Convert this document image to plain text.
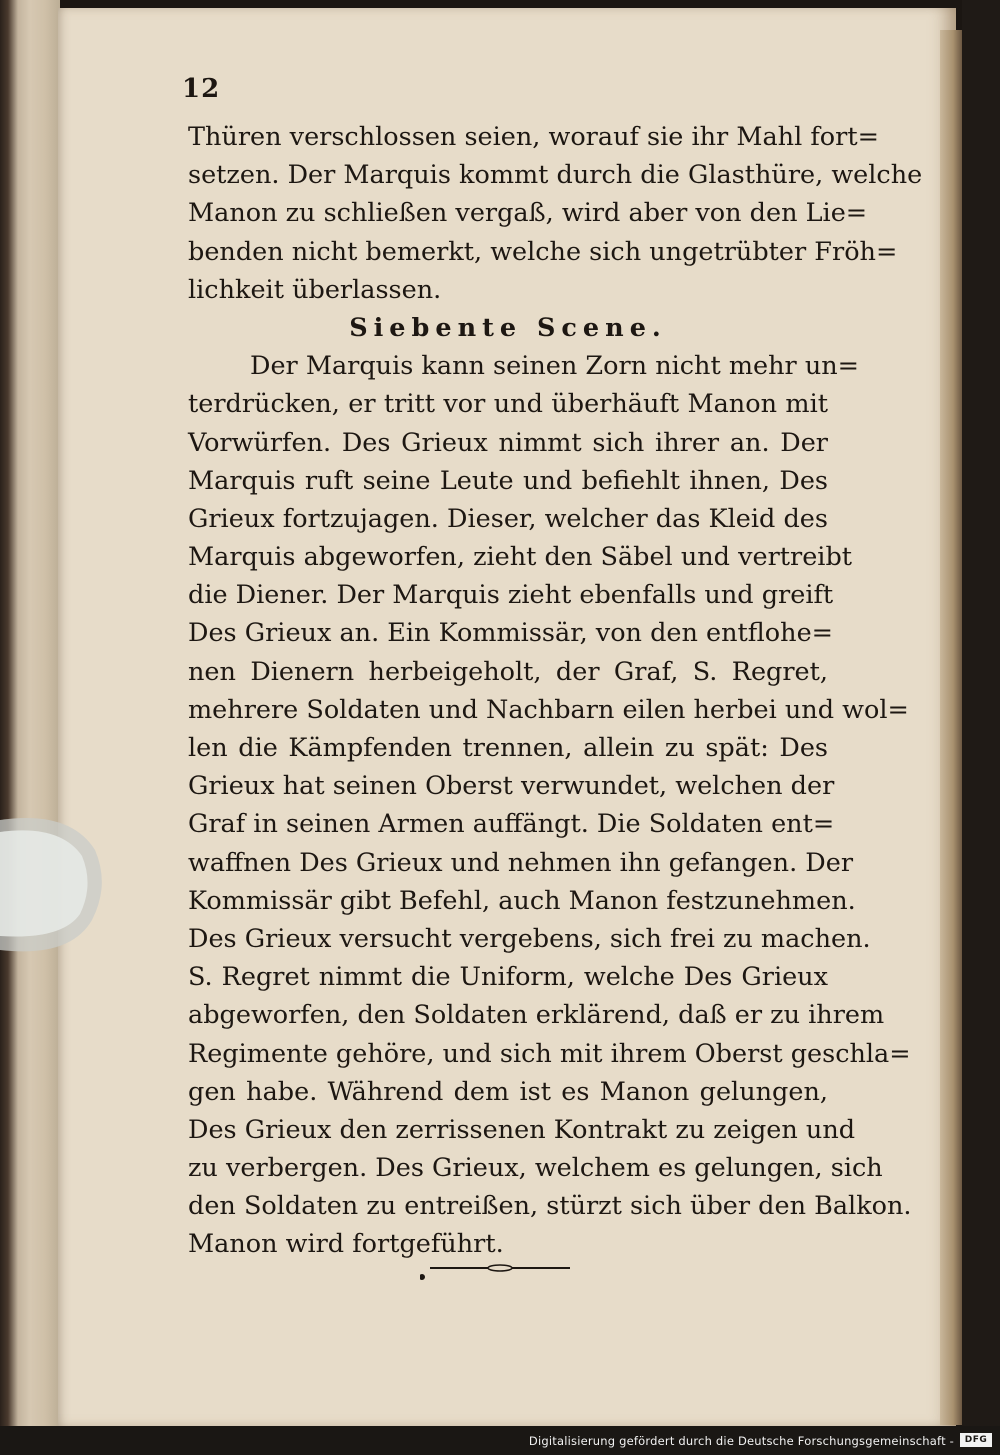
12
Thüren verschlossen seien, worauf sie ihr Mahl fort=
setzen. Der Marquis kommt durch die Glasthüre, welche
Manon zu schließen vergaß, wird aber von den Lie=
benden nicht bemerkt, welche sich ungetrübter Fröh=
lichkeit überlassen.
Siebente Scene.
Der Marquis kann seinen Zorn nicht mehr un=
terdrücken, er tritt vor und überhäuft Manon mit
Vorwürfen. Des Grieux nimmt sich ihrer an. Der
Marquis ruft seine Leute und befiehlt ihnen, Des
Grieux fortzujagen. Dieser, welcher das Kleid des
Marquis abgeworfen, zieht den Säbel und vertreibt
die Diener. Der Marquis zieht ebenfalls und greift
Des Grieux an. Ein Kommissär, von den entflohe=
nen Dienern herbeigeholt, der Graf, S. Regret,
mehrere Soldaten und Nachbarn eilen herbei und wol=
len die Kämpfenden trennen, allein zu spät: Des
Grieux hat seinen Oberst verwundet, welchen der
Graf in seinen Armen auffängt. Die Soldaten ent=
waffnen Des Grieux und nehmen ihn gefangen. Der
Kommissär gibt Befehl, auch Manon festzunehmen.
Des Grieux versucht vergebens, sich frei zu machen.
S. Regret nimmt die Uniform, welche Des Grieux
abgeworfen, den Soldaten erklärend, daß er zu ihrem
Regimente gehöre, und sich mit ihrem Oberst geschla=
gen habe. Während dem ist es Manon gelungen,
Des Grieux den zerrissenen Kontrakt zu zeigen und
zu verbergen. Des Grieux, welchem es gelungen, sich
den Soldaten zu entreißen, stürzt sich über den Balkon.
Manon wird fortgeführt.
Digitalisierung gefördert durch die Deutsche Forschungsgemeinschaft -	DFG
